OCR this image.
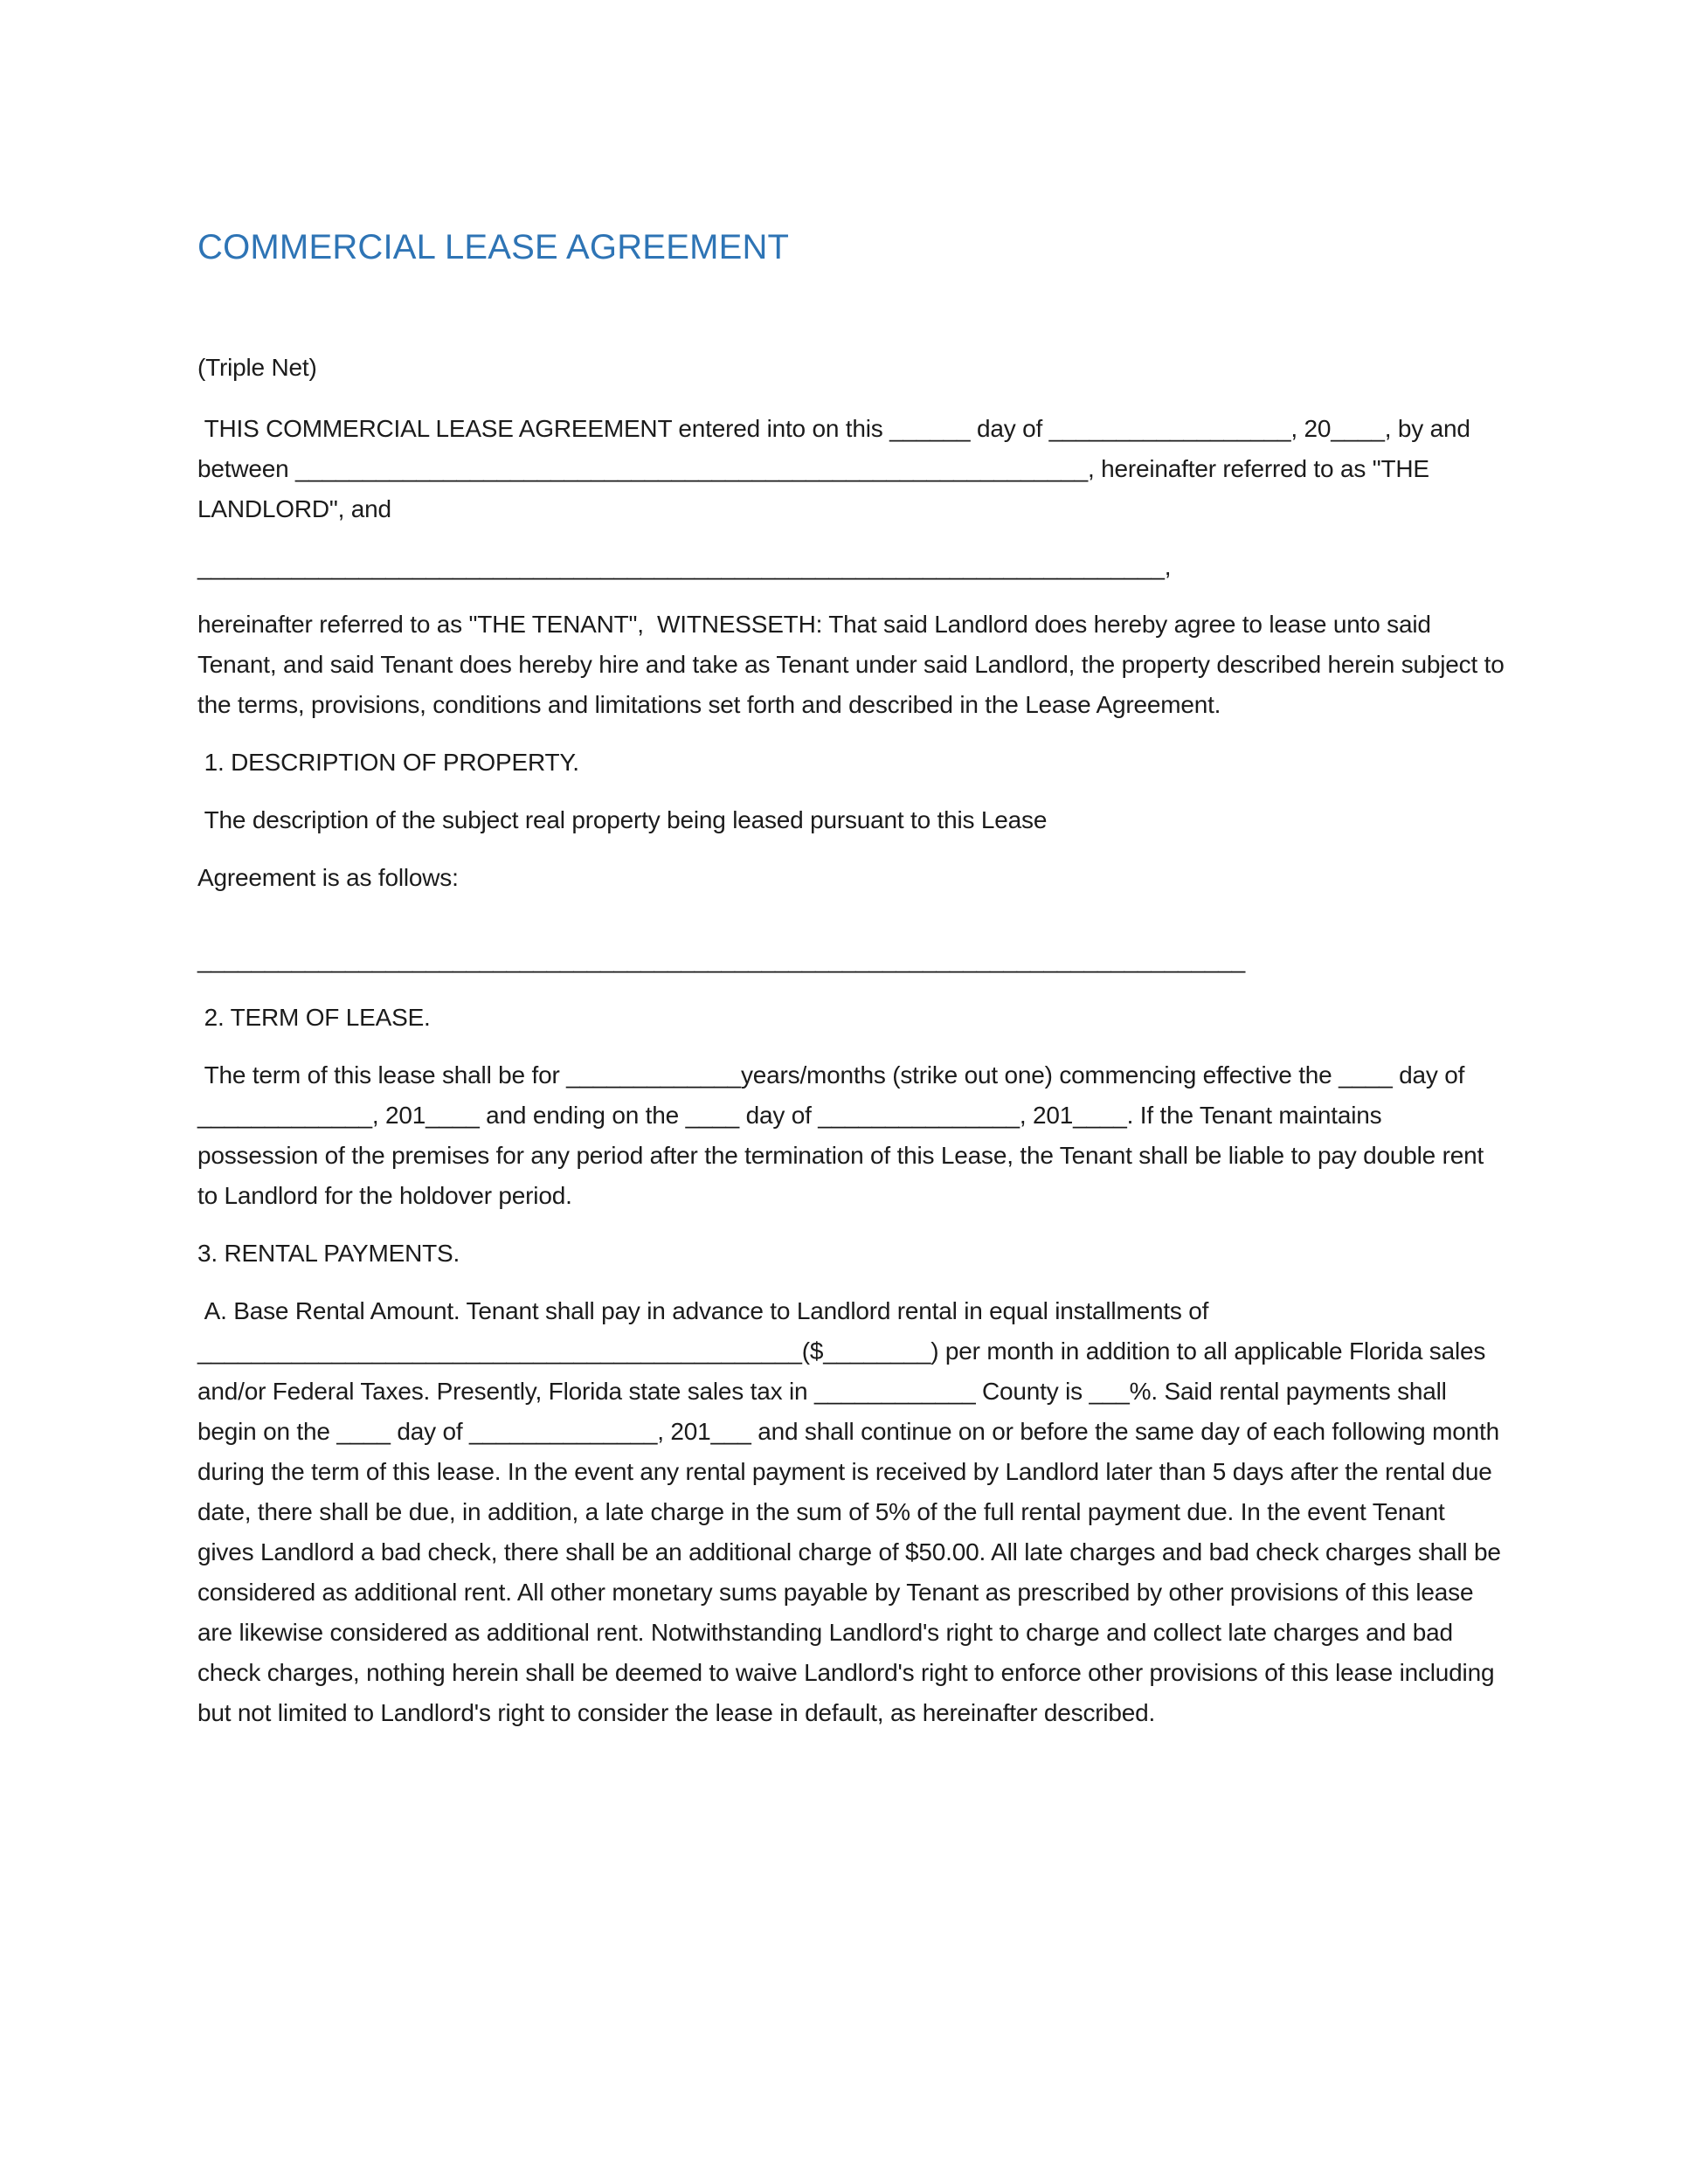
COMMERCIAL LEASE AGREEMENT

(Triple Net)

THIS COMMERCIAL LEASE AGREEMENT entered into on this ______ day of __________________, 20____, by and between ___________________________________________________________, hereinafter referred to as "THE LANDLORD", and

________________________________________________________________________,

hereinafter referred to as "THE TENANT",  WITNESSETH: That said Landlord does hereby agree to lease unto said Tenant, and said Tenant does hereby hire and take as Tenant under said Landlord, the property described herein subject to the terms, provisions, conditions and limitations set forth and described in the Lease Agreement.

1. DESCRIPTION OF PROPERTY.

The description of the subject real property being leased pursuant to this Lease

Agreement is as follows:

______________________________________________________________________________

2. TERM OF LEASE.

The term of this lease shall be for _____________years/months (strike out one) commencing effective the ____ day of _____________, 201____ and ending on the ____ day of _______________, 201____. If the Tenant maintains possession of the premises for any period after the termination of this Lease, the Tenant shall be liable to pay double rent to Landlord for the holdover period.

3. RENTAL PAYMENTS.

A. Base Rental Amount. Tenant shall pay in advance to Landlord rental in equal installments of _____________________________________________($________) per month in addition to all applicable Florida sales and/or Federal Taxes. Presently, Florida state sales tax in ____________ County is ___%. Said rental payments shall begin on the ____ day of ______________, 201___ and shall continue on or before the same day of each following month during the term of this lease. In the event any rental payment is received by Landlord later than 5 days after the rental due date, there shall be due, in addition, a late charge in the sum of 5% of the full rental payment due. In the event Tenant gives Landlord a bad check, there shall be an additional charge of $50.00. All late charges and bad check charges shall be considered as additional rent. All other monetary sums payable by Tenant as prescribed by other provisions of this lease are likewise considered as additional rent. Notwithstanding Landlord's right to charge and collect late charges and bad check charges, nothing herein shall be deemed to waive Landlord's right to enforce other provisions of this lease including but not limited to Landlord's right to consider the lease in default, as hereinafter described.
